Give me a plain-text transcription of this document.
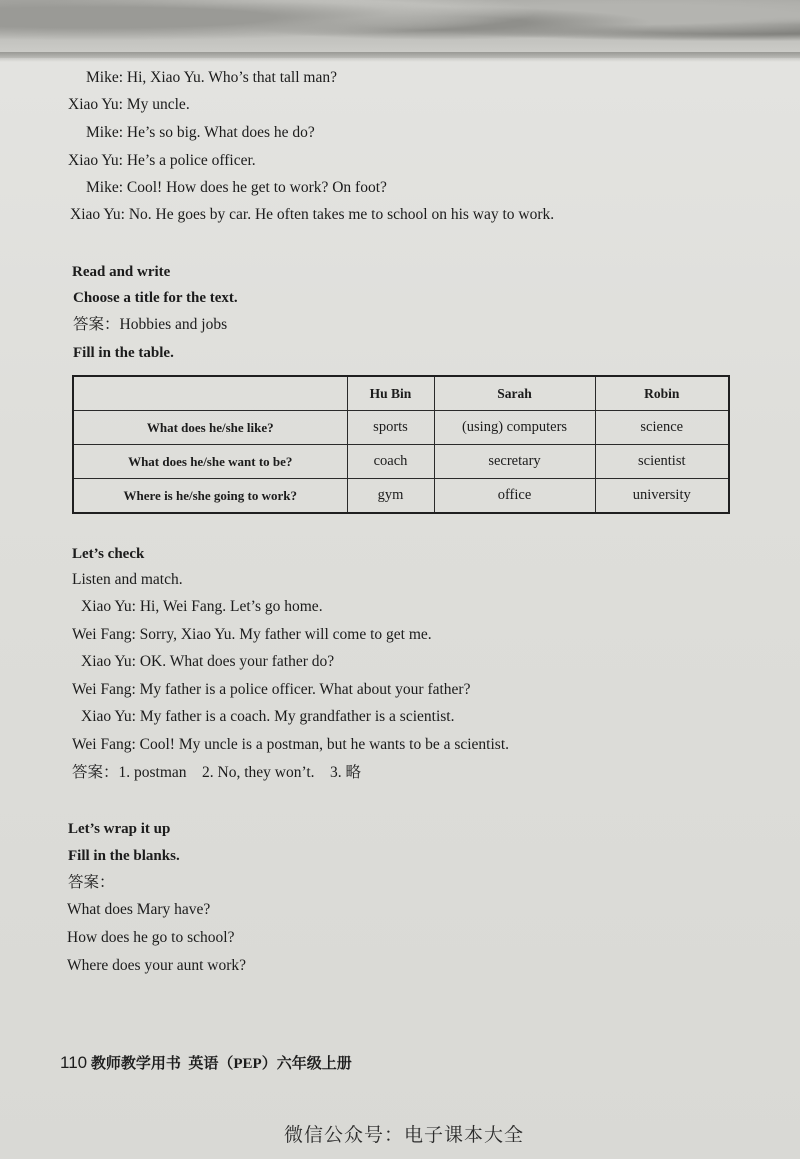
Mike: Hi, Xiao Yu. Who’s that tall man?
Xiao Yu: My uncle.
Mike: He’s so big. What does he do?
Xiao Yu: He’s a police officer.
Mike: Cool! How does he get to work? On foot?
Xiao Yu: No. He goes by car. He often takes me to school on his way to work.
Read and write
Choose a title for the text.
答案：Hobbies and jobs
Fill in the table.
	Hu Bin	Sarah	Robin
What does he/she like?	sports	(using) computers	science
What does he/she want to be?	coach	secretary	scientist
Where is he/she going to work?	gym	office	university
Let’s check
Listen and match.
Xiao Yu: Hi, Wei Fang. Let’s go home.
Wei Fang: Sorry, Xiao Yu. My father will come to get me.
Xiao Yu: OK. What does your father do?
Wei Fang: My father is a police officer. What about your father?
Xiao Yu: My father is a coach. My grandfather is a scientist.
Wei Fang: Cool! My uncle is a postman, but he wants to be a scientist.
答案：1. postman    2. No, they won’t.    3. 略
Let’s wrap it up
Fill in the blanks.
答案：
What does Mary have?
How does he go to school?
Where does your aunt work?
110 教师教学用书  英语（PEP）六年级上册
微信公众号：电子课本大全
